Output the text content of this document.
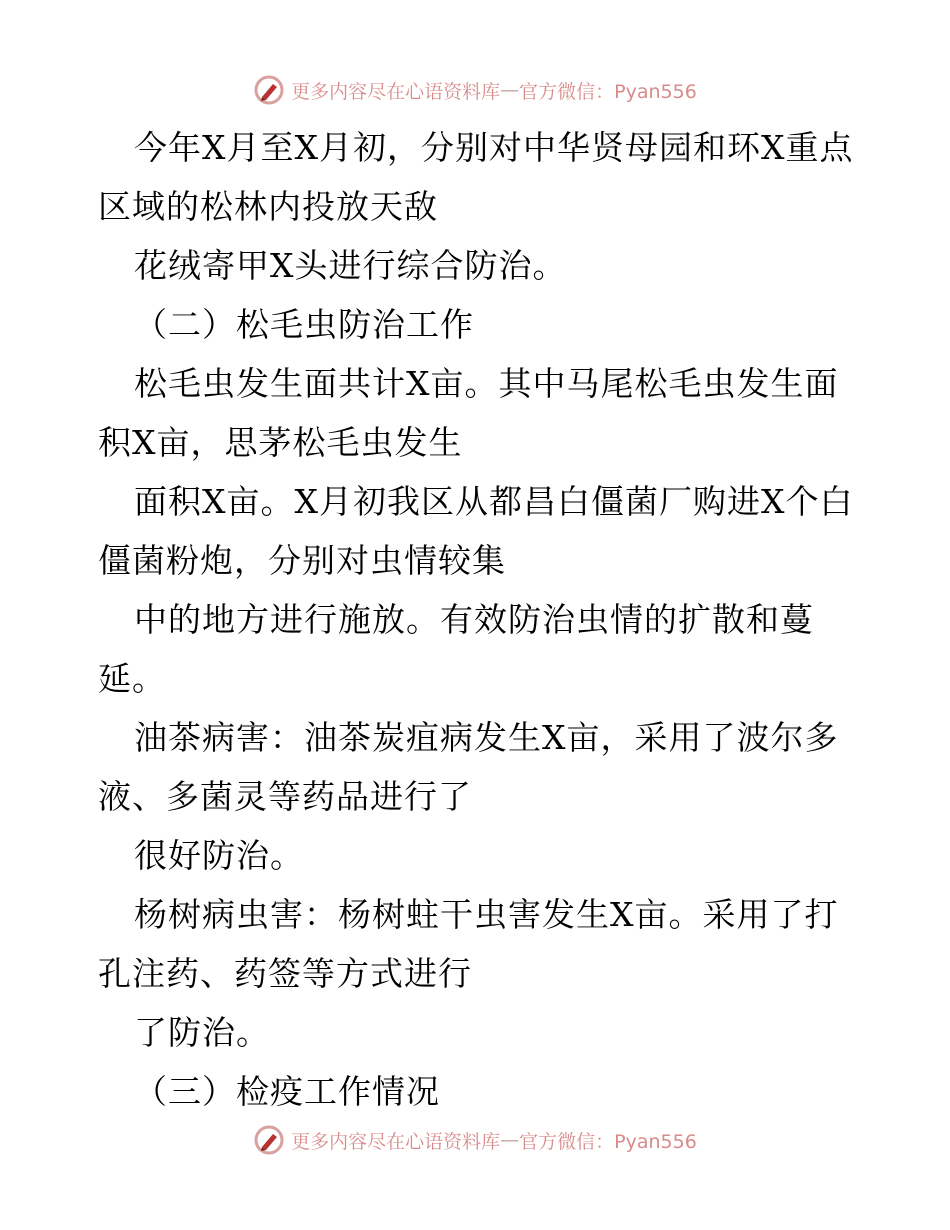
更多内容尽在心语资料库 — 官方微信：Pyan556

今年X月至X月初，分别对中华贤母园和环X重点区域的松林内投放天敌

花绒寄甲X头进行综合防治。

（二）松毛虫防治工作

松毛虫发生面共计X亩。其中马尾松毛虫发生面积X亩，思茅松毛虫发生

面积X亩。X月初我区从都昌白僵菌厂购进X个白僵菌粉炮，分别对虫情较集

中的地方进行施放。有效防治虫情的扩散和蔓延。

油茶病害：油茶炭疽病发生X亩，采用了波尔多液、多菌灵等药品进行了

很好防治。

杨树病虫害：杨树蛀干虫害发生X亩。采用了打孔注药、药签等方式进行

了防治。

（三）检疫工作情况

更多内容尽在心语资料库 — 官方微信：Pyan556
